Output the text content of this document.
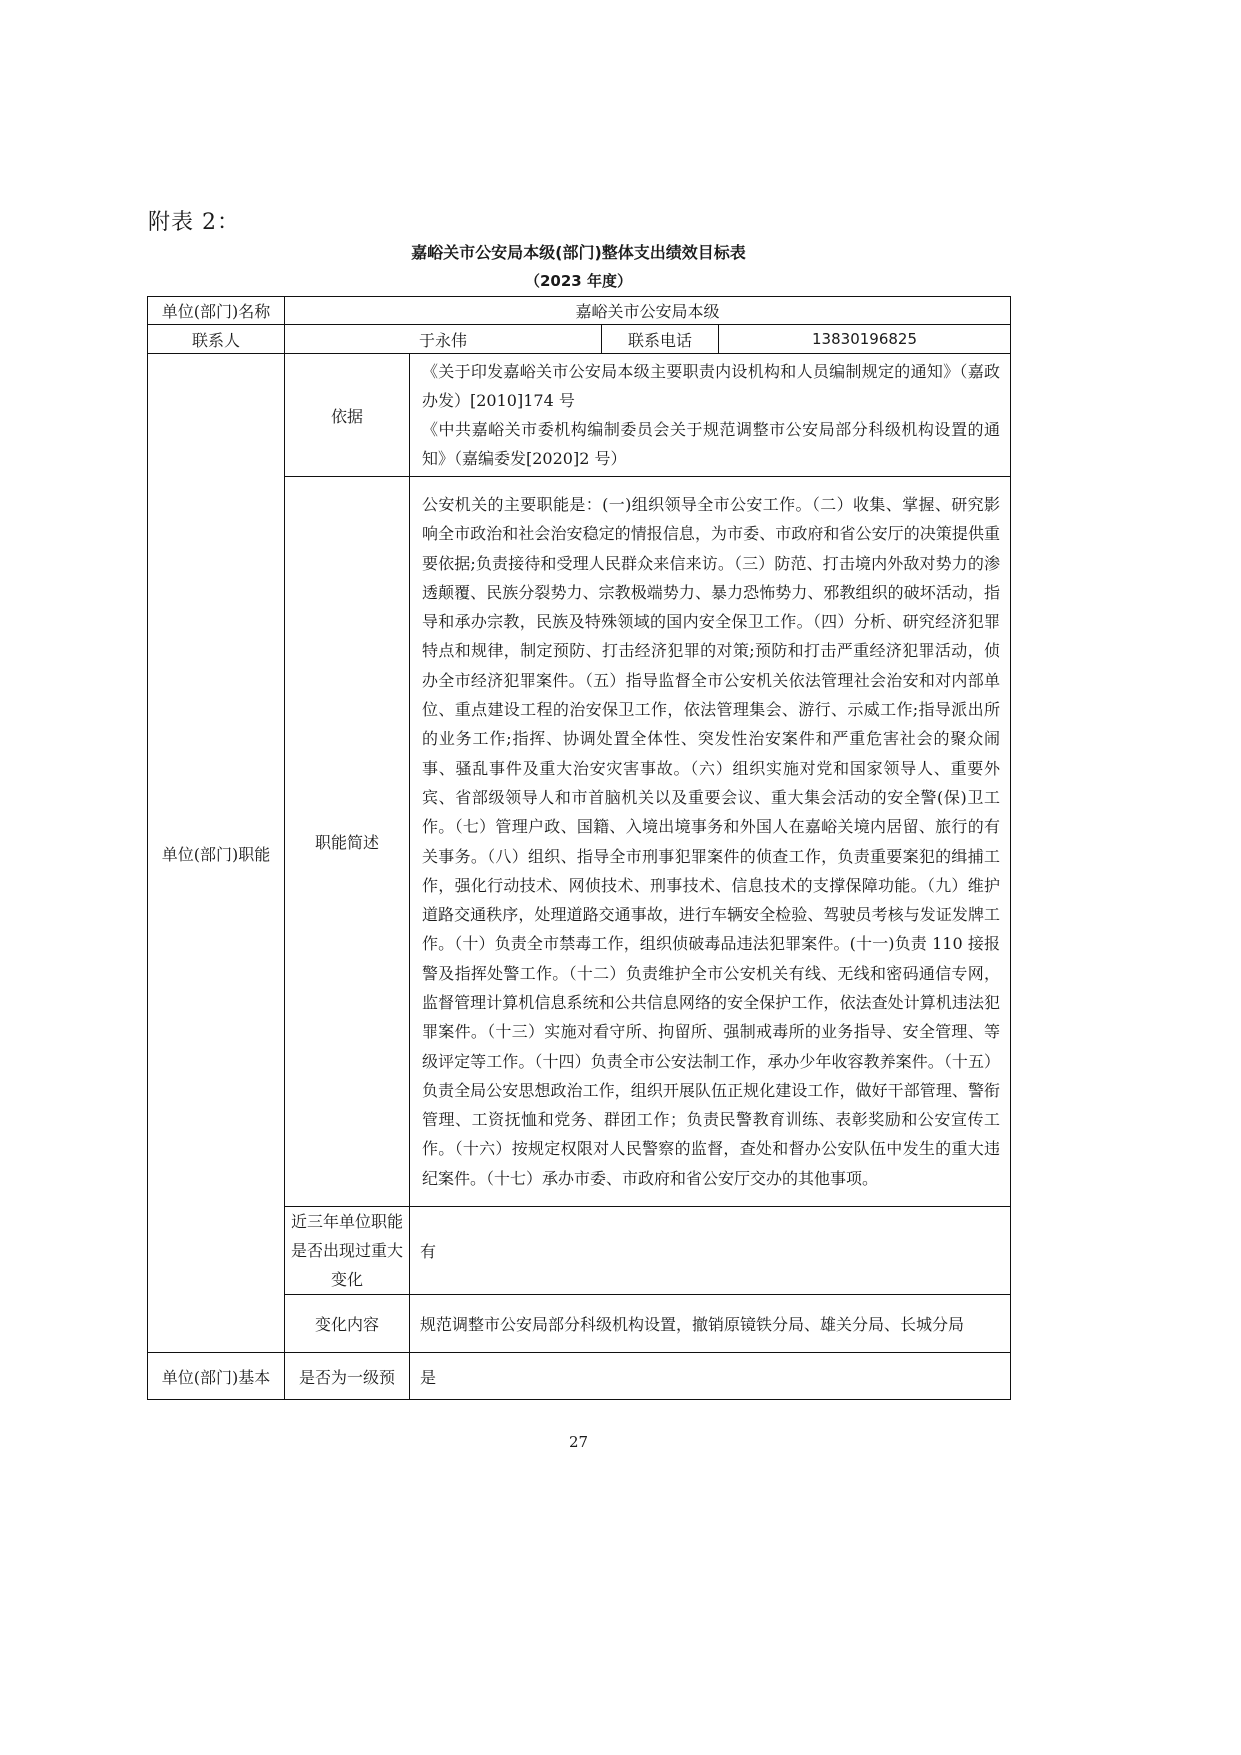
附表 2：
嘉峪关市公安局本级(部门)整体支出绩效目标表
（2023 年度）
单位(部门)名称	嘉峪关市公安局本级			
联系人	于永伟		联系电话	13830196825
单位(部门)职能	依据	《关于印发嘉峪关市公安局本级主要职责内设机构和人员编制规定的通知》（嘉政办发）[2010]174 号

《中共嘉峪关市委机构编制委员会关于规范调整市公安局部分科级机构设置的通知》（嘉编委发[2020]2 号）		

	职能简述	公安机关的主要职能是：(一)组织领导全市公安工作。（二）收集、掌握、研究影响全市政治和社会治安稳定的情报信息，为市委、市政府和省公安厅的决策提供重要依据;负责接待和受理人民群众来信来访。（三）防范、打击境内外敌对势力的渗透颠覆、民族分裂势力、宗教极端势力、暴力恐怖势力、邪教组织的破坏活动，指导和承办宗教，民族及特殊领域的国内安全保卫工作。（四）分析、研究经济犯罪特点和规律，制定预防、打击经济犯罪的对策;预防和打击严重经济犯罪活动，侦办全市经济犯罪案件。（五）指导监督全市公安机关依法管理社会治安和对内部单位、重点建设工程的治安保卫工作，依法管理集会、游行、示威工作;指导派出所的业务工作;指挥、协调处置全体性、突发性治安案件和严重危害社会的聚众闹事、骚乱事件及重大治安灾害事故。（六）组织实施对党和国家领导人、重要外宾、省部级领导人和市首脑机关以及重要会议、重大集会活动的安全警(保)卫工作。（七）管理户政、国籍、入境出境事务和外国人在嘉峪关境内居留、旅行的有关事务。（八）组织、指导全市刑事犯罪案件的侦查工作，负责重要案犯的缉捕工作，强化行动技术、网侦技术、刑事技术、信息技术的支撑保障功能。（九）维护道路交通秩序，处理道路交通事故，进行车辆安全检验、驾驶员考核与发证发牌工作。（十）负责全市禁毒工作，组织侦破毒品违法犯罪案件。(十一)负责 110 接报警及指挥处警工作。（十二）负责维护全市公安机关有线、无线和密码通信专网，监督管理计算机信息系统和公共信息网络的安全保护工作，依法查处计算机违法犯罪案件。（十三）实施对看守所、拘留所、强制戒毒所的业务指导、安全管理、等级评定等工作。（十四）负责全市公安法制工作，承办少年收容教养案件。（十五）负责全局公安思想政治工作，组织开展队伍正规化建设工作，做好干部管理、警衔管理、工资抚恤和党务、群团工作；负责民警教育训练、表彰奖励和公安宣传工作。（十六）按规定权限对人民警察的监督，查处和督办公安队伍中发生的重大违纪案件。（十七）承办市委、市政府和省公安厅交办的其他事项。		
	近三年单位职能是否出现过重大变化	有		
	变化内容	规范调整市公安局部分科级机构设置，撤销原镜铁分局、雄关分局、长城分局		
单位(部门)基本	是否为一级预	是		
27
